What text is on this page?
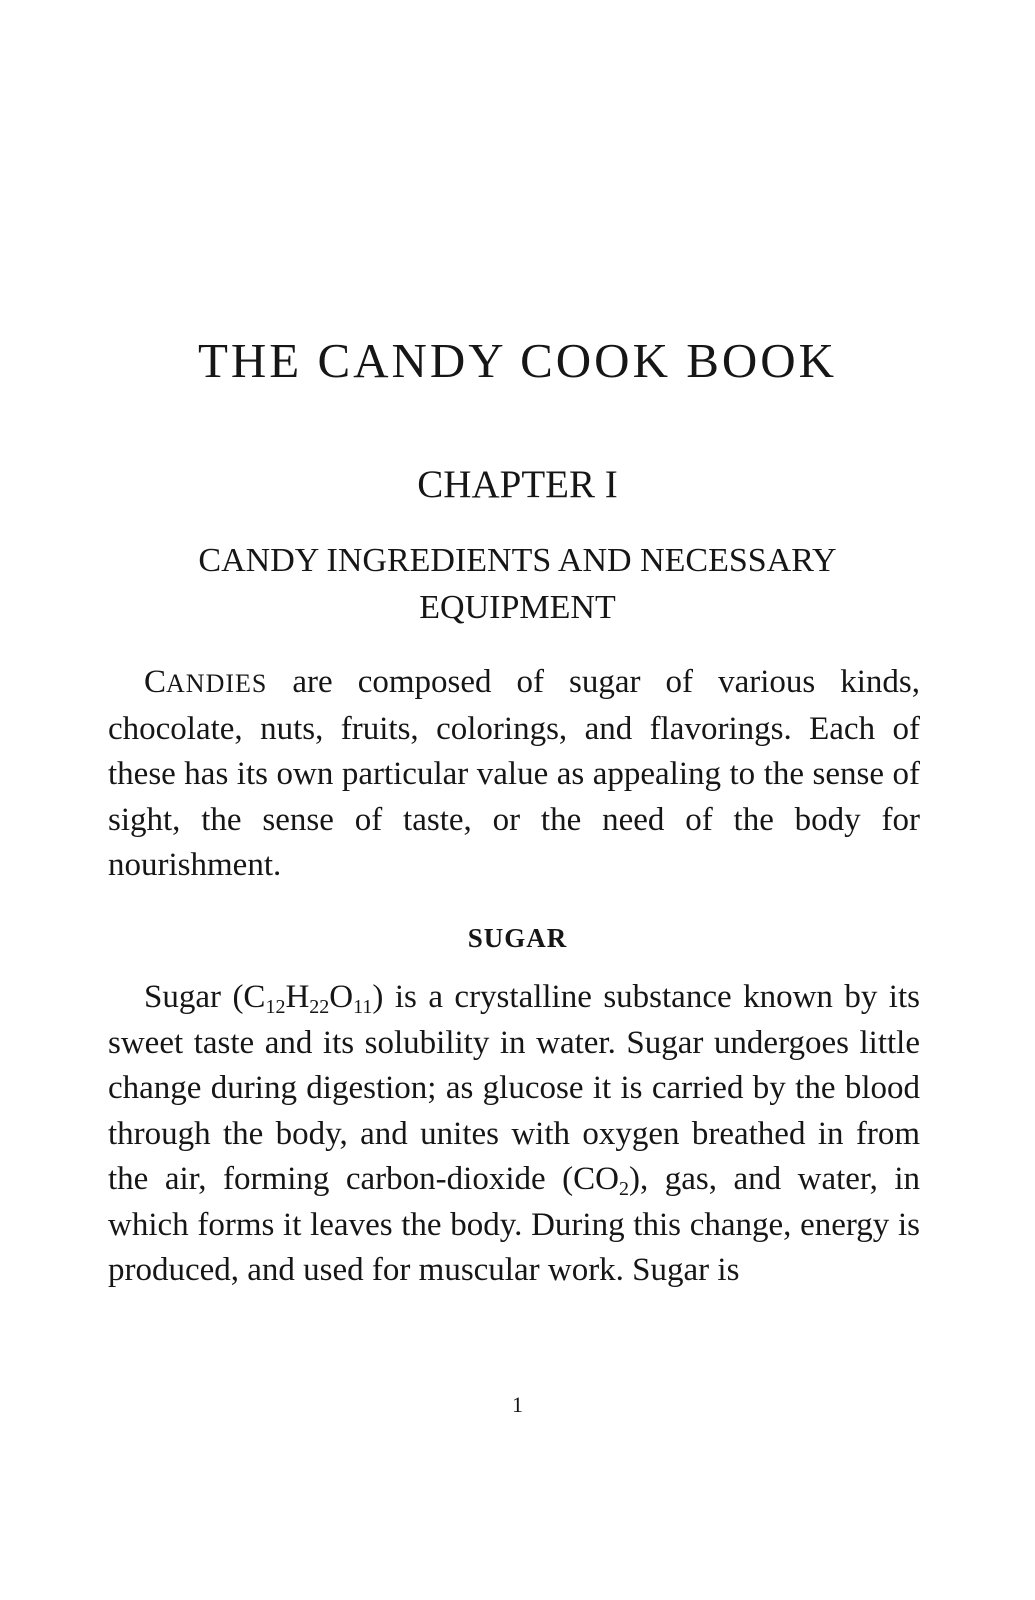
THE CANDY COOK BOOK
CHAPTER I
CANDY INGREDIENTS AND NECESSARY EQUIPMENT

CANDIES are composed of sugar of various kinds, chocolate, nuts, fruits, colorings, and flavorings. Each of these has its own particular value as appealing to the sense of sight, the sense of taste, or the need of the body for nourishment.

SUGAR

Sugar $(C_{12}H_{22}O_{11})$ is a crystalline substance known by its sweet taste and its solubility in water. Sugar undergoes little change during digestion; as glucose it is carried by the blood through the body, and unites with oxygen breathed in from the air, forming carbon-dioxide $(CO_2)$, gas, and water, in which forms it leaves the body. During this change, energy is produced, and used for muscular work. Sugar is

1
